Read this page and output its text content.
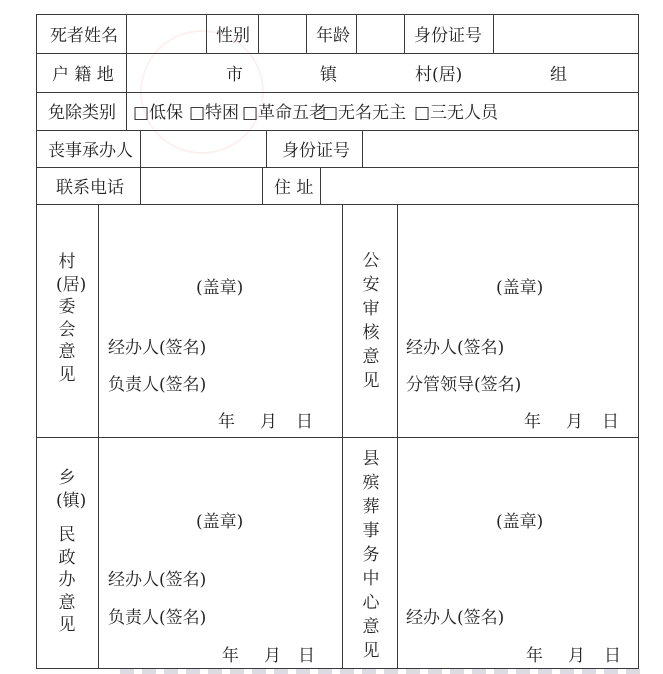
死者姓名	性别	年龄	身份证号
户 籍 地	市	镇	村(居)	组
免除类别 □低保 □特困 □革命五老
□无名无主 □三无人员
丧事承办人	身份证号
联系电话	住 址
村(居)委会意见
(盖章)
经办人(签名)
负责人(签名)
年 月 日
公安审核意见
(盖章)
经办人(签名)
分管领导(签名)
年 月 日
乡(镇)
民政办意见
(盖章)
经办人(签名)
负责人(签名)
年 月 日
县殡葬事务中心意见
(盖章)
经办人(签名)
年 月 日
